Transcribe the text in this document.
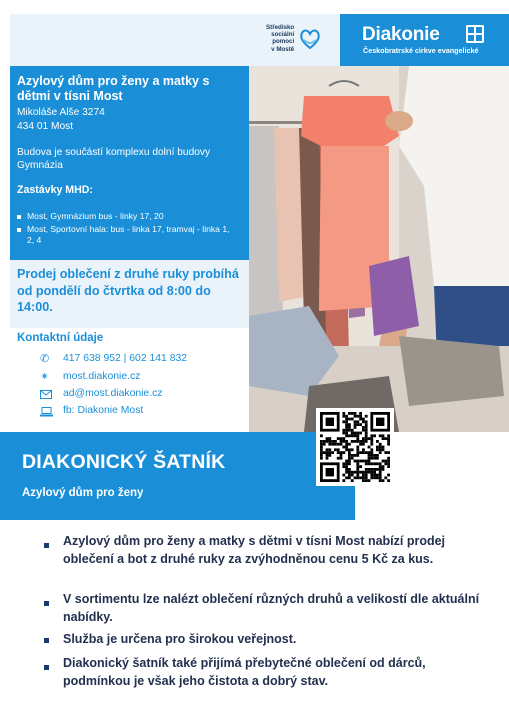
Středisko
sociální
pomoci
v Mostě
Diakonie
Českobratrské církve evangelické
Azylový dům pro ženy a matky s dětmi v tísni Most
Mikoláše Alše 3274
434 01 Most
Budova je součástí komplexu dolní budovy Gymnázia
Zastávky MHD:
Most, Gymnázium bus - linky 17, 20
Most, Sportovní hala: bus - linka 17, tramvaj - linka 1, 2, 4
Prodej oblečení z druhé ruky probíhá od pondělí do čtvrtka od 8:00 do 14:00.
Kontaktní údaje
✆ 417 638 952 | 602 141 832
✴ most.diakonie.cz
ad@most.diakonie.cz
fb: Diakonie Most
DIAKONICKÝ ŠATNÍK
Azylový dům pro ženy
Azylový dům pro ženy a matky s dětmi v tísni Most nabízí prodej oblečení a bot z druhé ruky za zvýhodněnou cenu 5 Kč za kus.
V sortimentu lze nalézt oblečení různých druhů a velikostí dle aktuální nabídky.
Služba je určena pro širokou veřejnost.
Diakonický šatník také přijímá přebytečné oblečení od dárců, podmínkou je však jeho čistota a dobrý stav.
